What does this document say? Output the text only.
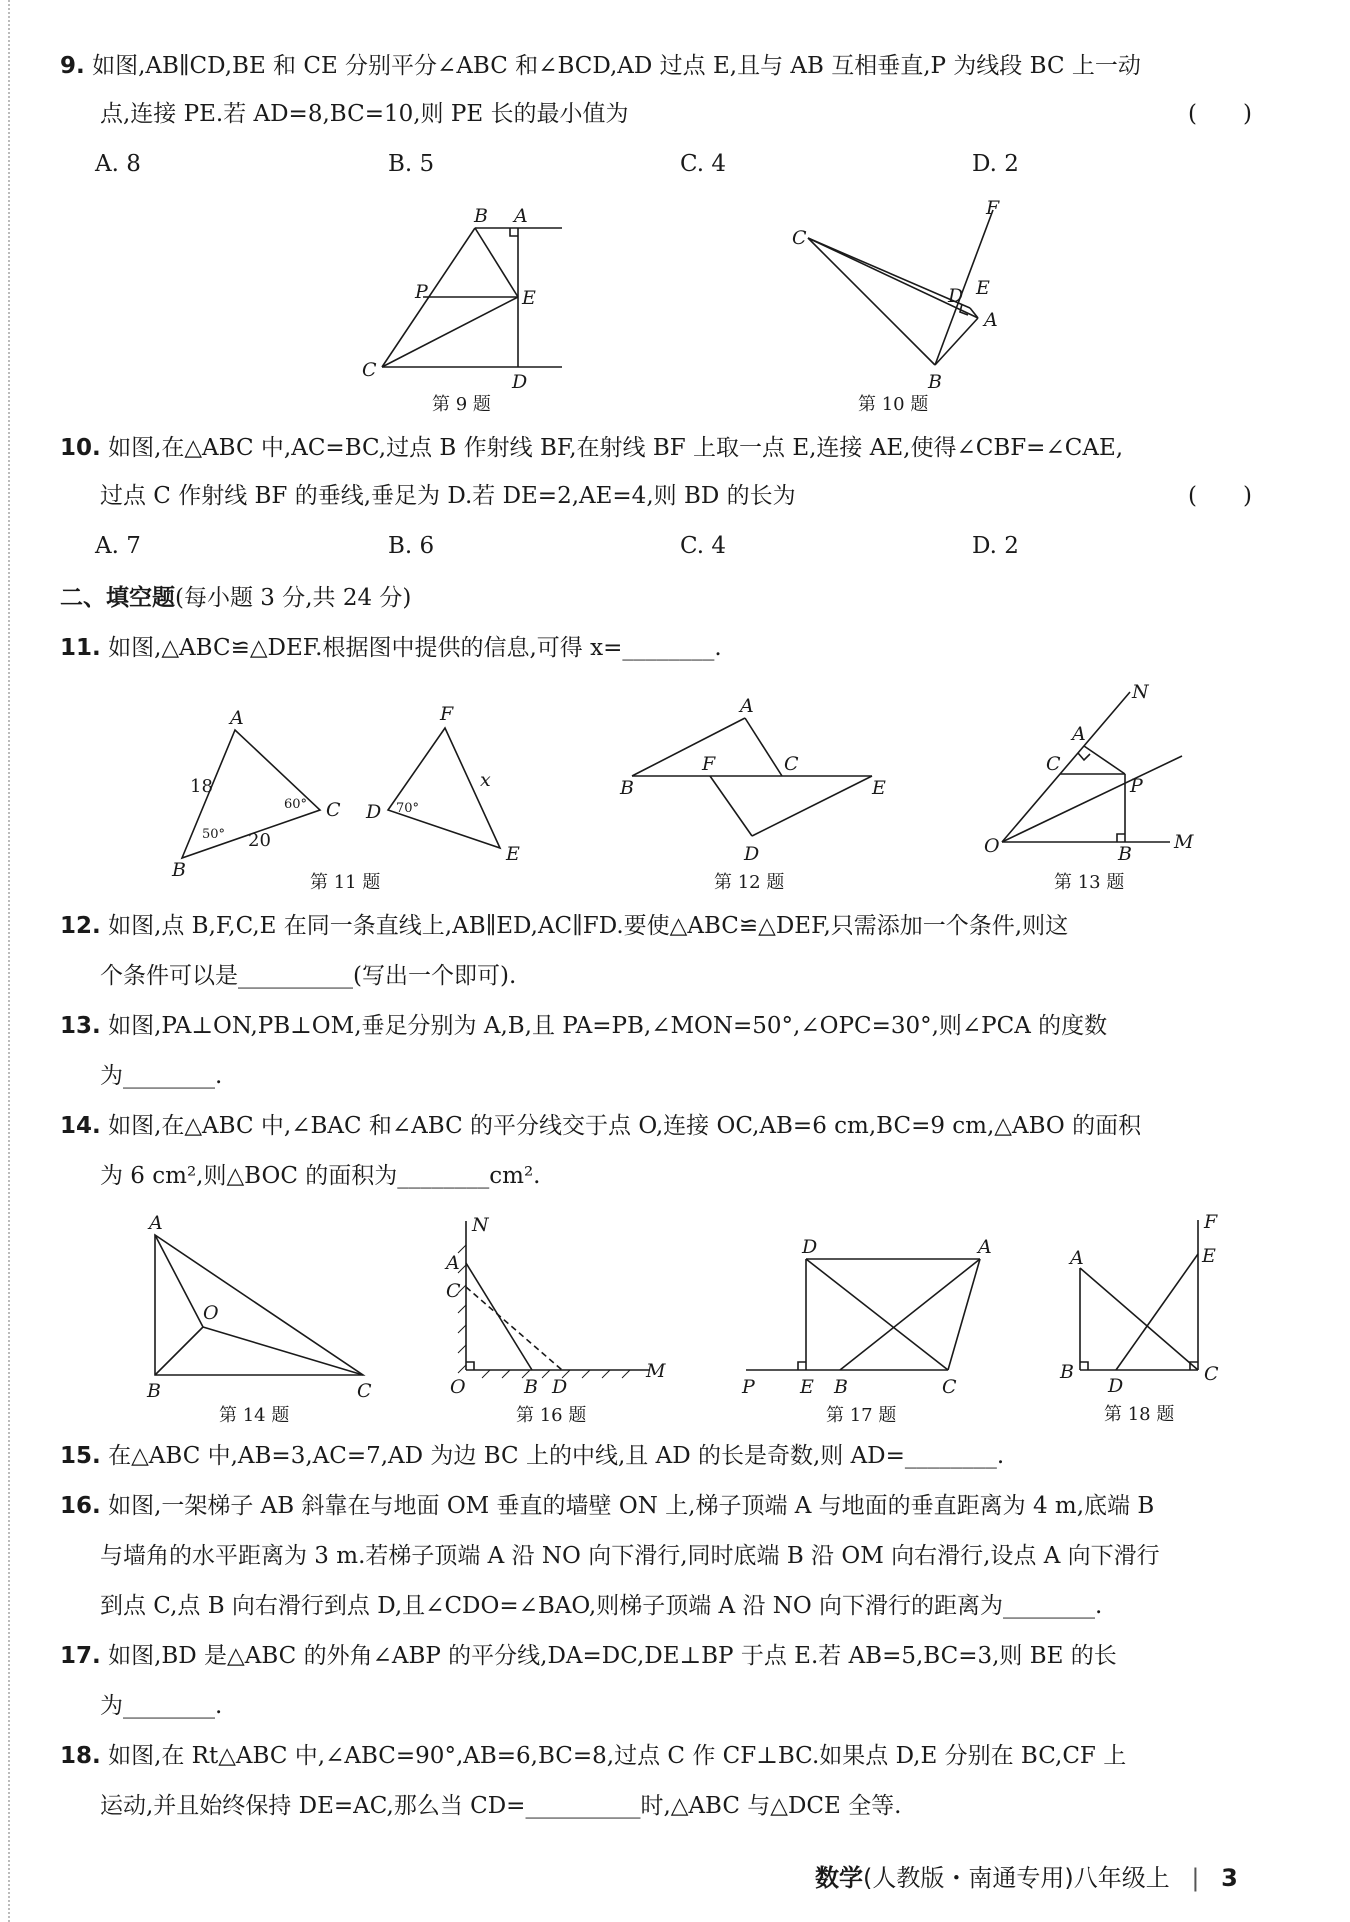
9. 如图,AB∥CD,BE 和 CE 分别平分∠ABC 和∠BCD,AD 过点 E,且与 AB 互相垂直,P 为线段 BC 上一动
点,连接 PE.若 AD=8,BC=10,则 PE 长的最小值为	(　　)
A. 8	B. 5	C. 4	D. 2
B A
P	E
C
D
第 9 题
F
C
D E
A
B
第 10 题
10. 如图,在△ABC 中,AC=BC,过点 B 作射线 BF,在射线 BF 上取一点 E,连接 AE,使得∠CBF=∠CAE,
过点 C 作射线 BF 的垂线,垂足为 D.若 DE=2,AE=4,则 BD 的长为	(　　)
A. 7	B. 6	C. 4	D. 2
二、填空题(每小题 3 分,共 24 分)
11. 如图,△ABC≌△DEF.根据图中提供的信息,可得 x=________.
A
18
60° C
50° 20
B
F
x
D 70°
E
第 11 题
A
F	C
B	E
D
第 12 题
N
A
C
P
O	B
M
第 13 题
12. 如图,点 B,F,C,E 在同一条直线上,AB∥ED,AC∥FD.要使△ABC≌△DEF,只需添加一个条件,则这
个条件可以是__________(写出一个即可).
13. 如图,PA⊥ON,PB⊥OM,垂足分别为 A,B,且 PA=PB,∠MON=50°,∠OPC=30°,则∠PCA 的度数
为________.
14. 如图,在△ABC 中,∠BAC 和∠ABC 的平分线交于点 O,连接 OC,AB=6 cm,BC=9 cm,△ABO 的面积
为 6 cm²,则△BOC 的面积为________cm².
A
O
B	C
第 14 题
N
A
C
O	B D
M
第 16 题
D	A
P E B	C
第 17 题
F
E
A
B
D
C
第 18 题
15. 在△ABC 中,AB=3,AC=7,AD 为边 BC 上的中线,且 AD 的长是奇数,则 AD=________.
16. 如图,一架梯子 AB 斜靠在与地面 OM 垂直的墙壁 ON 上,梯子顶端 A 与地面的垂直距离为 4 m,底端 B
与墙角的水平距离为 3 m.若梯子顶端 A 沿 NO 向下滑行,同时底端 B 沿 OM 向右滑行,设点 A 向下滑行
到点 C,点 B 向右滑行到点 D,且∠CDO=∠BAO,则梯子顶端 A 沿 NO 向下滑行的距离为________.
17. 如图,BD 是△ABC 的外角∠ABP 的平分线,DA=DC,DE⊥BP 于点 E.若 AB=5,BC=3,则 BE 的长
为________.
18. 如图,在 Rt△ABC 中,∠ABC=90°,AB=6,BC=8,过点 C 作 CF⊥BC.如果点 D,E 分别在 BC,CF 上
运动,并且始终保持 DE=AC,那么当 CD=__________时,△ABC 与△DCE 全等.
数学(人教版・南通专用)八年级上 | 3
